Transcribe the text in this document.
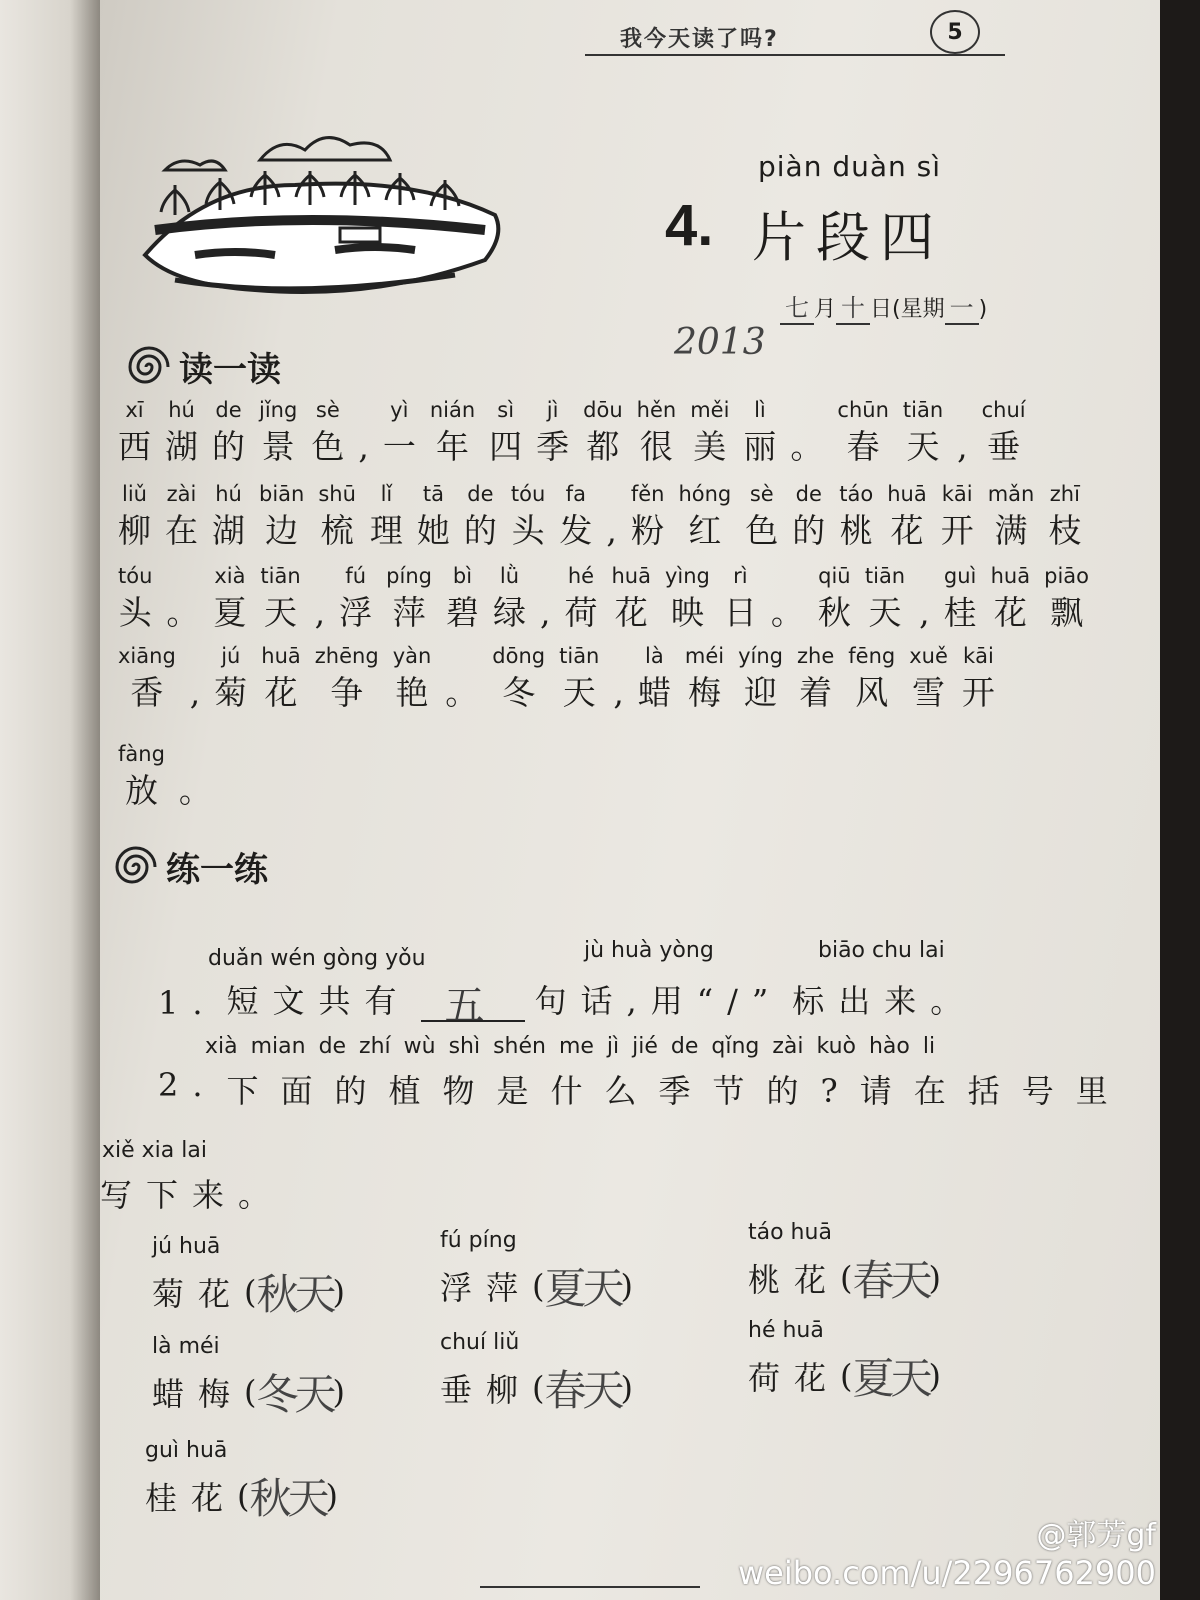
我今天读了吗?	5
piàn duàn sì
4. 片段四
七 月 十 日(星期 一 )
2013
读一读
xī
西
hú
湖
de
的
jǐng
景
sè
色
,
yì
一
nián
年
sì
四
jì
季
dōu
都
hěn
很
měi
美
lì
丽
。
chūn
春
tiān
天
,
chuí
垂
liǔ
柳
zài
在
hú
湖
biān
边
shū
梳
lǐ
理
tā
她
de
的
tóu
头
fa
发
,
fěn
粉
hóng
红
sè
色
de
的
táo
桃
huā
花
kāi
开
mǎn
满
zhī
枝
tóu
头
。
xià
夏
tiān
天
,
fú
浮
píng
萍
bì
碧
lǜ
绿
,
hé
荷
huā
花
yìng
映
rì
日
。
qiū
秋
tiān
天
,
guì
桂
huā
花
piāo
飘
xiāng
香
,
jú
菊
huā
花
zhēng
争
yàn
艳
。
dōng
冬
tiān
天
,
là
蜡
méi
梅
yíng
迎
zhe
着
fēng
风
xuě
雪
kāi
开
fàng
放
。
练一练
duǎn wén gòng yǒu	jù huà yòng	biāo chu lai
1. 短文共有 五 句话,用“/” 标出来。
xià mian de zhí wù shì shén me jì jié de qǐng zài kuò hào li
2. 下面的植物是什么季节的?请在括号里
xiě xia lai
写下来。
jú huā
菊花 ( 秋天 )
fú píng
浮萍 ( 夏天 )
táo huā
桃花 ( 春天 )
là méi
蜡梅 ( 冬天 )
chuí liǔ
垂柳 ( 春天 )
hé huā
荷花 ( 夏天 )
guì huā
桂花 ( 秋天 )
@郭芳gf
weibo.com/u/2296762900
